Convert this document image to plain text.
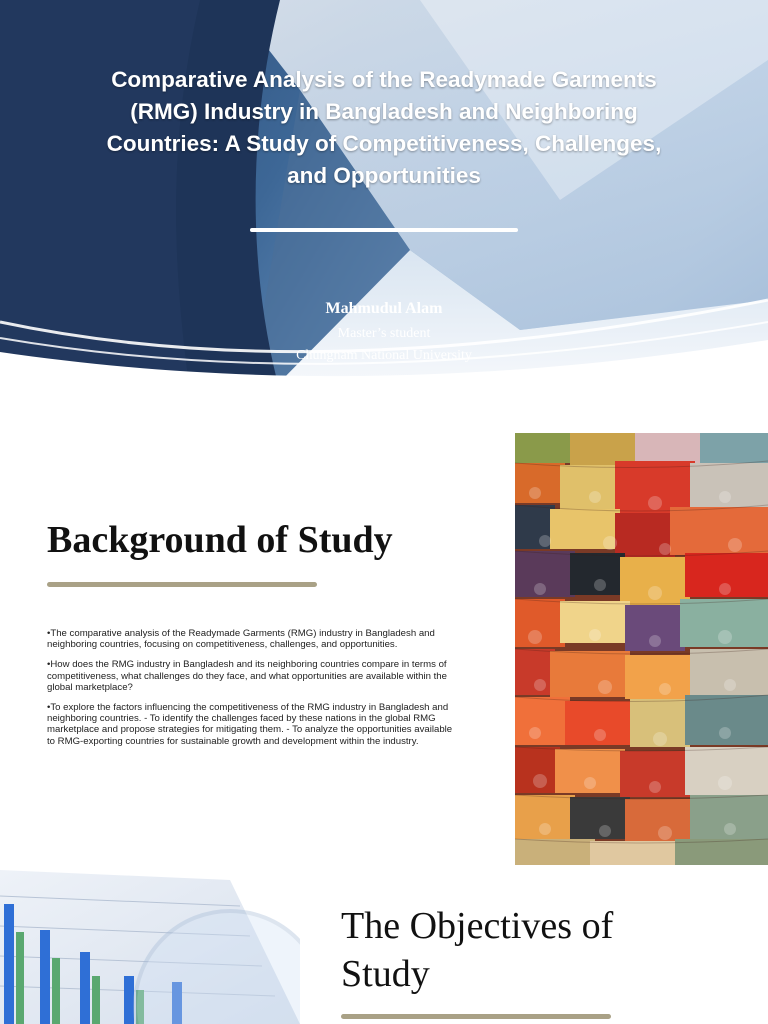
Comparative Analysis of the Readymade Garments (RMG) Industry in Bangladesh and Neighboring Countries: A Study of Competitiveness, Challenges, and Opportunities
Mahmudul Alam
Master’s student
Chungnam National University
Background of Study

•The comparative analysis of the Readymade Garments (RMG) industry in Bangladesh and neighboring countries, focusing on competitiveness, challenges, and opportunities.

•How does the RMG industry in Bangladesh and its neighboring countries compare in terms of competitiveness, what challenges do they face, and what opportunities are available within the global marketplace?

•To explore the factors influencing the competitiveness of the RMG industry in Bangladesh and neighboring countries. - To identify the challenges faced by these nations in the global RMG marketplace and propose strategies for mitigating them. - To analyze the opportunities available to RMG-exporting countries for sustainable growth and development within the industry.

The Objectives of Study
